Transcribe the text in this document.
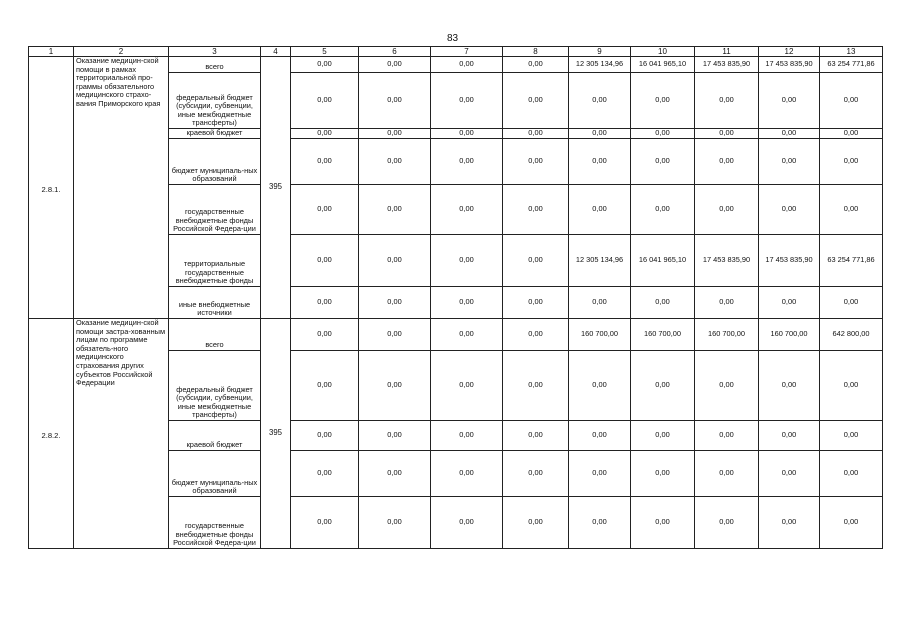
83
1	2	3	4	5	6	7	8	9	10	11	12	13
2.8.1.	Оказание медицин-ской помощи в рамках территориальной про-граммы обязательного медицинского страхо-вания Приморского края	всего	395	0,00	0,00	0,00	0,00	12 305 134,96	16 041 965,10	17 453 835,90	17 453 835,90	63 254 771,86
		федеральный бюджет (субсидии, субвенции, иные межбюджетные трансферты)		0,00	0,00	0,00	0,00	0,00	0,00	0,00	0,00	0,00
		краевой бюджет		0,00	0,00	0,00	0,00	0,00	0,00	0,00	0,00	0,00
		бюджет муниципаль-ных образований		0,00	0,00	0,00	0,00	0,00	0,00	0,00	0,00	0,00
		государственные внебюджетные фонды Российской Федера-ции		0,00	0,00	0,00	0,00	0,00	0,00	0,00	0,00	0,00
		территориальные государственные внебюджетные фонды		0,00	0,00	0,00	0,00	12 305 134,96	16 041 965,10	17 453 835,90	17 453 835,90	63 254 771,86
		иные внебюджетные источники		0,00	0,00	0,00	0,00	0,00	0,00	0,00	0,00	0,00
2.8.2.	Оказание медицин-ской помощи застра-хованным лицам по программе обязатель-ного медицинского страхования других субъектов Российской Федерации	всего	395	0,00	0,00	0,00	0,00	160 700,00	160 700,00	160 700,00	160 700,00	642 800,00
		федеральный бюджет (субсидии, субвенции, иные межбюджетные трансферты)		0,00	0,00	0,00	0,00	0,00	0,00	0,00	0,00	0,00
		краевой бюджет		0,00	0,00	0,00	0,00	0,00	0,00	0,00	0,00	0,00
		бюджет муниципаль-ных образований		0,00	0,00	0,00	0,00	0,00	0,00	0,00	0,00	0,00
		государственные внебюджетные фонды Российской Федера-ции		0,00	0,00	0,00	0,00	0,00	0,00	0,00	0,00	0,00
